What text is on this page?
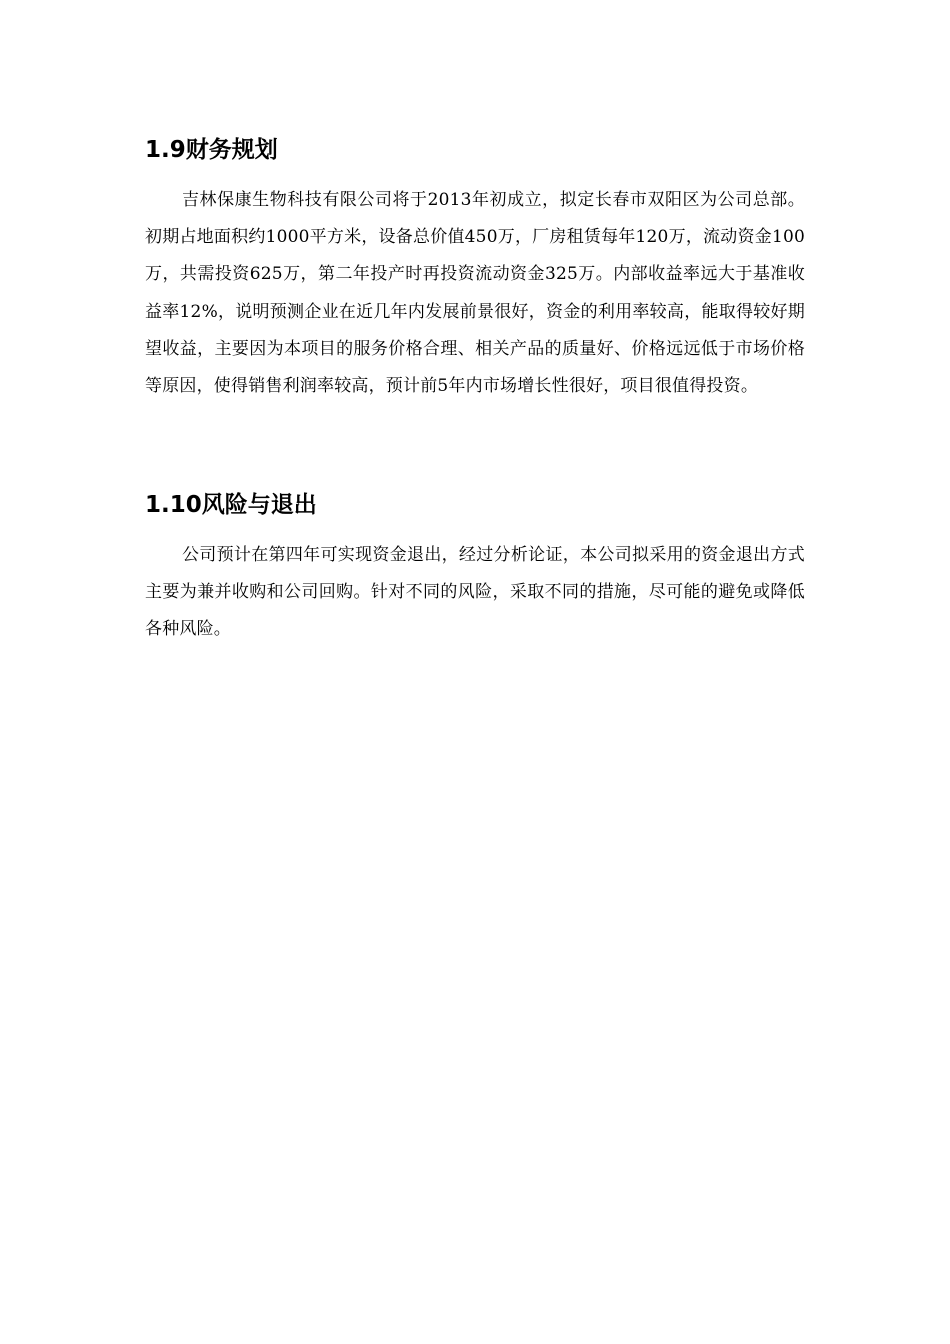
1.9财务规划

吉林保康生物科技有限公司将于2013年初成立，拟定长春市双阳区为公司总部。初期占地面积约1000平方米，设备总价值450万，厂房租赁每年120万，流动资金100万，共需投资625万，第二年投产时再投资流动资金325万。内部收益率远大于基准收益率12%，说明预测企业在近几年内发展前景很好，资金的利用率较高，能取得较好期望收益，主要因为本项目的服务价格合理、相关产品的质量好、价格远远低于市场价格等原因，使得销售利润率较高，预计前5年内市场增长性很好，项目很值得投资。

1.10风险与退出

公司预计在第四年可实现资金退出，经过分析论证，本公司拟采用的资金退出方式主要为兼并收购和公司回购。针对不同的风险，采取不同的措施，尽可能的避免或降低各种风险。
